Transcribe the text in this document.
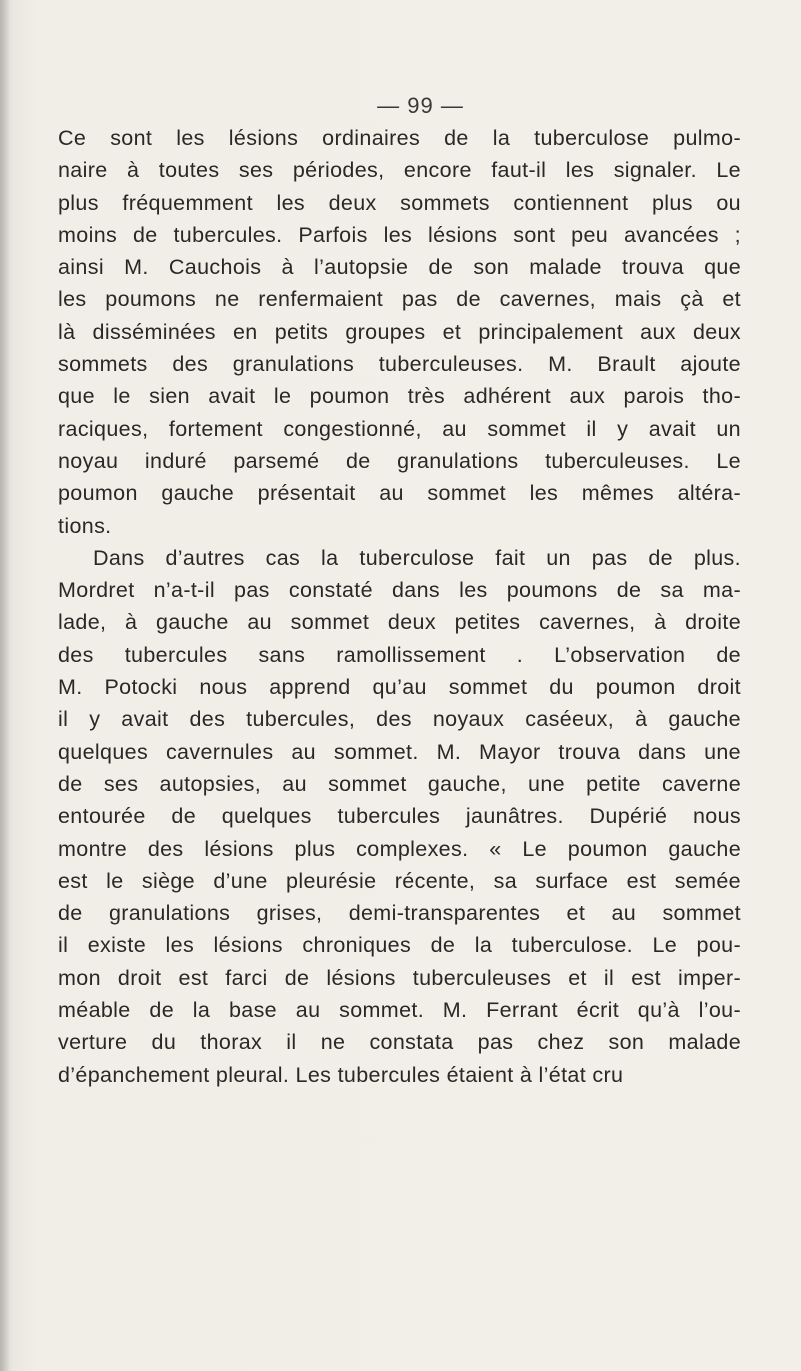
— 99 —
Ce sont les lésions ordinaires de la tuberculose pulmo-
naire à toutes ses périodes, encore faut-il les signaler. Le
plus fréquemment les deux sommets contiennent plus ou
moins de tubercules. Parfois les lésions sont peu avancées ;
ainsi M. Cauchois à l’autopsie de son malade trouva que
les poumons ne renfermaient pas de cavernes, mais çà et
là disséminées en petits groupes et principalement aux deux
sommets des granulations tuberculeuses. M. Brault ajoute
que le sien avait le poumon très adhérent aux parois tho-
raciques, fortement congestionné, au sommet il y avait un
noyau induré parsemé de granulations tuberculeuses. Le
poumon gauche présentait au sommet les mêmes altéra-
tions.
Dans d’autres cas la tuberculose fait un pas de plus.
Mordret n’a-t-il pas constaté dans les poumons de sa ma-
lade, à gauche au sommet deux petites cavernes, à droite
des tubercules sans ramollissement . L’observation de
M. Potocki nous apprend qu’au sommet du poumon droit
il y avait des tubercules, des noyaux caséeux, à gauche
quelques cavernules au sommet. M. Mayor trouva dans une
de ses autopsies, au sommet gauche, une petite caverne
entourée de quelques tubercules jaunâtres. Dupérié nous
montre des lésions plus complexes. « Le poumon gauche
est le siège d’une pleurésie récente, sa surface est semée
de granulations grises, demi-transparentes et au sommet
il existe les lésions chroniques de la tuberculose. Le pou-
mon droit est farci de lésions tuberculeuses et il est imper-
méable de la base au sommet. M. Ferrant écrit qu’à l’ou-
verture du thorax il ne constata pas chez son malade
d’épanchement pleural. Les tubercules étaient à l’état cru
